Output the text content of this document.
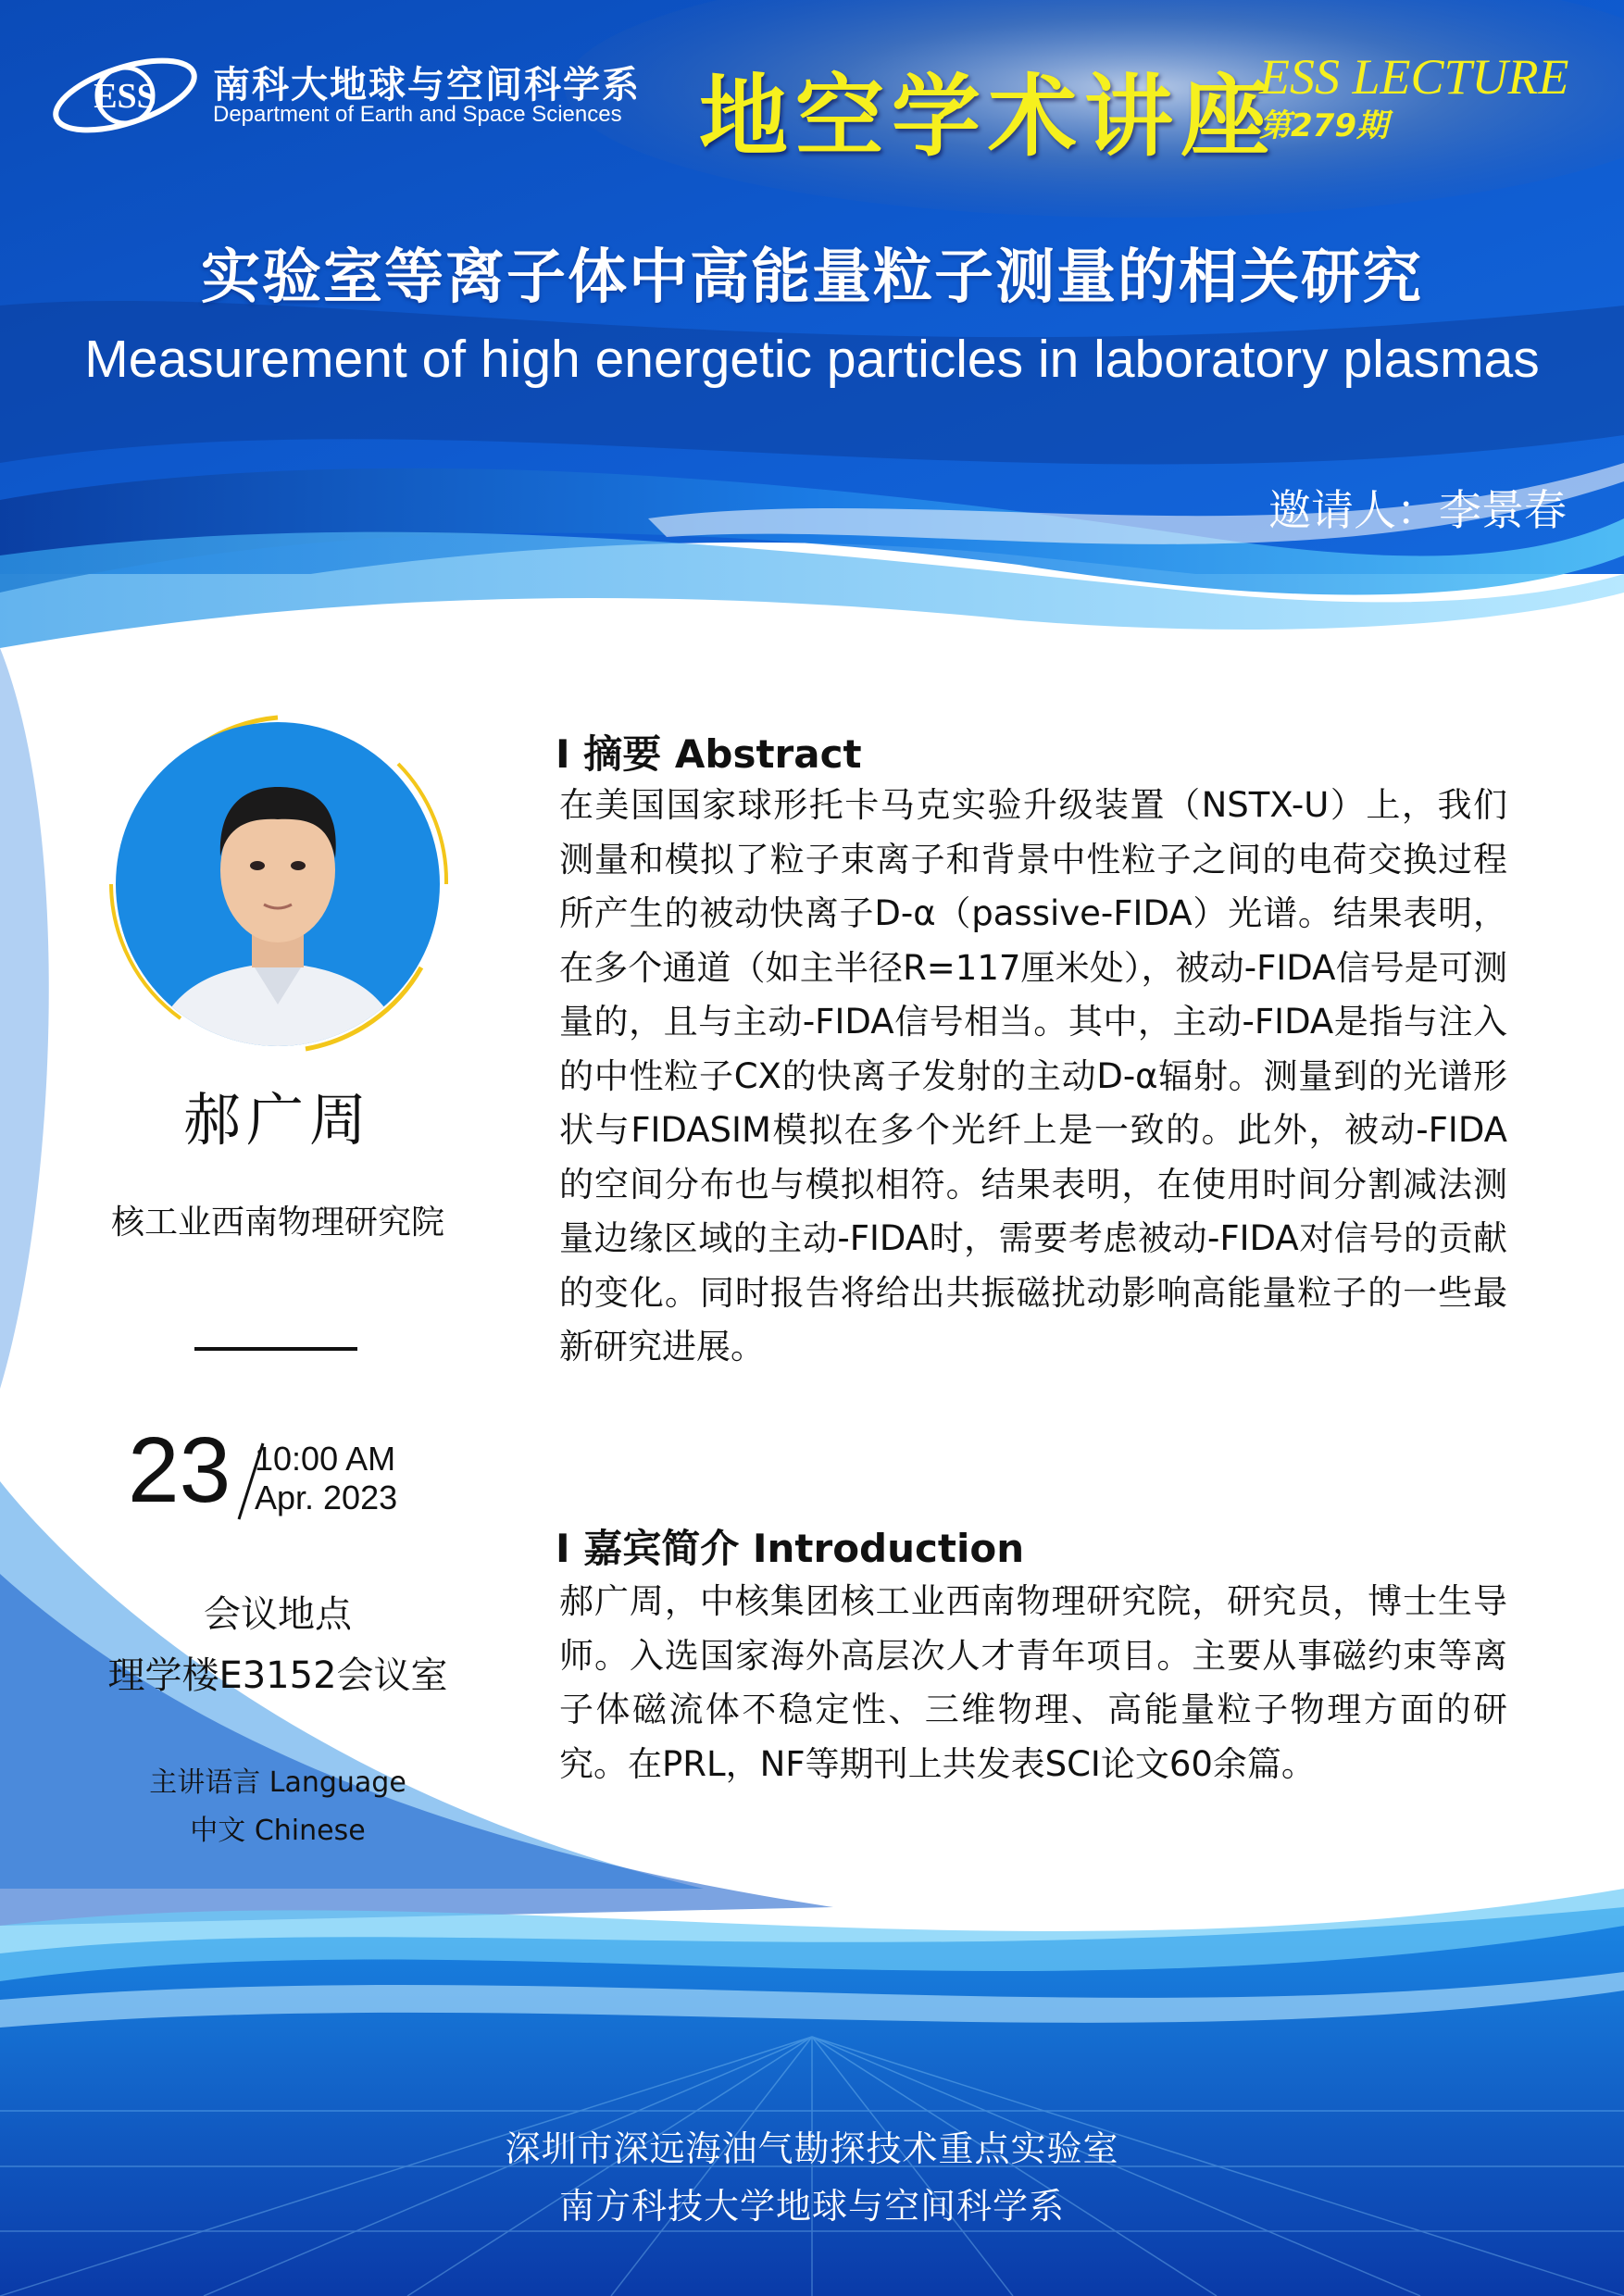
ESS 南科大地球与空间科学系
Department of Earth and Space Sciences 地空学术讲座
ESS LECTURE
第279期
实验室等离子体中高能量粒子测量的相关研究
Measurement of high energetic particles in laboratory plasmas
邀请人：李景春
郝广周
核工业西南物理研究院
23 10:00 AM
Apr. 2023
会议地点
理学楼E3152会议室
主讲语言 Language
中文 Chinese
I 摘要 Abstract

在美国国家球形托卡马克实验升级装置（NSTX-U）上，我们测量和模拟了粒子束离子和背景中性粒子之间的电荷交换过程所产生的被动快离子D-α（passive-FIDA）光谱。结果表明，在多个通道（如主半径R=117厘米处），被动-FIDA信号是可测量的，且与主动-FIDA信号相当。其中，主动-FIDA是指与注入的中性粒子CX的快离子发射的主动D-α辐射。测量到的光谱形状与FIDASIM模拟在多个光纤上是一致的。此外，被动-FIDA的空间分布也与模拟相符。结果表明，在使用时间分割减法测量边缘区域的主动-FIDA时，需要考虑被动-FIDA对信号的贡献的变化。同时报告将给出共振磁扰动影响高能量粒子的一些最新研究进展。

I 嘉宾简介 Introduction

郝广周，中核集团核工业西南物理研究院，研究员，博士生导师。入选国家海外高层次人才青年项目。主要从事磁约束等离子体磁流体不稳定性、三维物理、高能量粒子物理方面的研究。在PRL，NF等期刊上共发表SCI论文60余篇。

深圳市深远海油气勘探技术重点实验室
南方科技大学地球与空间科学系
